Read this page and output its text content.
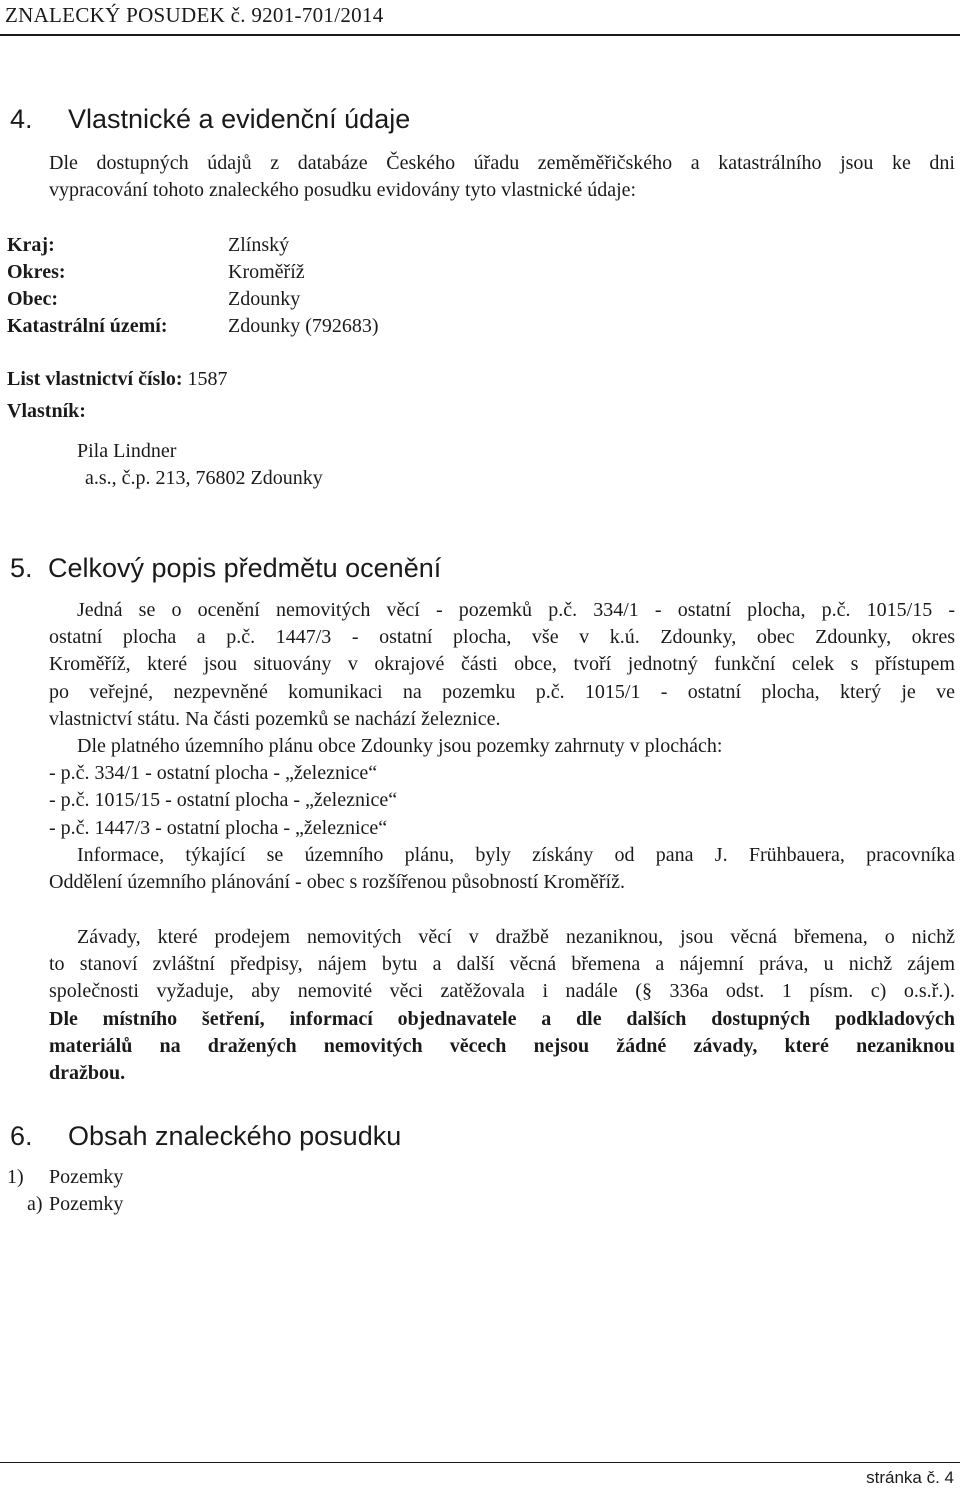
ZNALECKÝ POSUDEK č. 9201-701/2014
4. Vlastnické a evidenční údaje
Dle dostupných údajů z databáze Českého úřadu zeměměřičského a katastrálního jsou ke dni
vypracování tohoto znaleckého posudku evidovány tyto vlastnické údaje:
Kraj:	Zlínský
Okres:	Kroměříž
Obec:	Zdounky
Katastrální území:	Zdounky (792683)
List vlastnictví číslo: 1587
Vlastník:
Pila Lindner
a.s., č.p. 213, 76802 Zdounky
5. Celkový popis předmětu ocenění
Jedná se o ocenění nemovitých věcí - pozemků p.č. 334/1 - ostatní plocha, p.č. 1015/15 -
ostatní plocha a p.č. 1447/3 - ostatní plocha, vše v k.ú. Zdounky, obec Zdounky, okres
Kroměříž, které jsou situovány v okrajové části obce, tvoří jednotný funkční celek s přístupem
po veřejné, nezpevněné komunikaci na pozemku p.č. 1015/1 - ostatní plocha, který je ve
vlastnictví státu. Na části pozemků se nachází železnice.
Dle platného územního plánu obce Zdounky jsou pozemky zahrnuty v plochách:
- p.č. 334/1 - ostatní plocha - „železnice“
- p.č. 1015/15 - ostatní plocha - „železnice“
- p.č. 1447/3 - ostatní plocha - „železnice“
Informace, týkající se územního plánu, byly získány od pana J. Frühbauera, pracovníka
Oddělení územního plánování - obec s rozšířenou působností Kroměříž.
Závady, které prodejem nemovitých věcí v dražbě nezaniknou, jsou věcná břemena, o nichž
to stanoví zvláštní předpisy, nájem bytu a další věcná břemena a nájemní práva, u nichž zájem
společnosti vyžaduje, aby nemovité věci zatěžovala i nadále (§ 336a odst. 1 písm. c) o.s.ř.).
Dle místního šetření, informací objednavatele a dle dalších dostupných podkladových
materiálů na dražených nemovitých věcech nejsou žádné závady, které nezaniknou
dražbou.
6. Obsah znaleckého posudku
1) Pozemky
a) Pozemky
stránka č. 4
